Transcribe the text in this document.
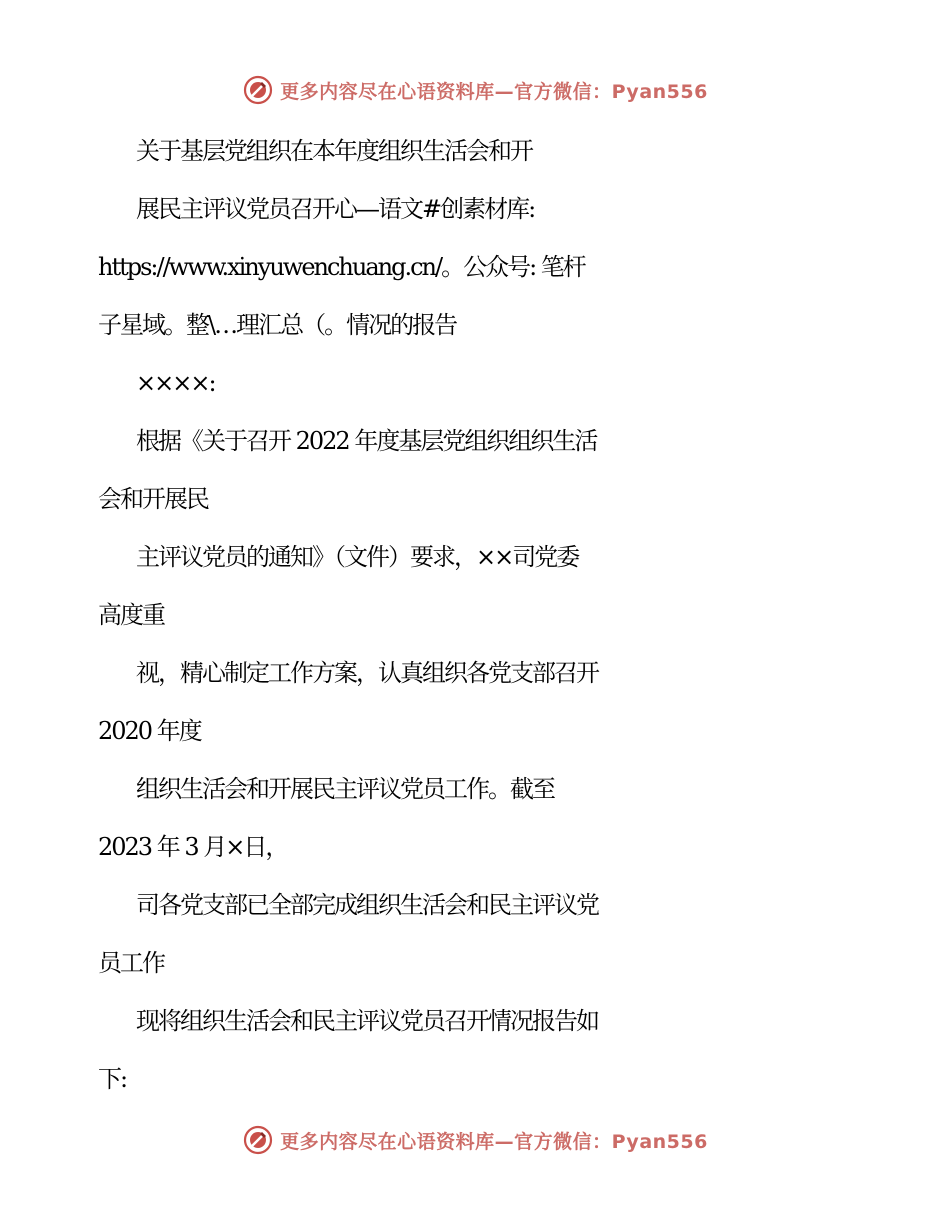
更多内容尽在心语资料库—官方微信：Pyan556
关于基层党组织在本年度组织生活会和开
展民主评议党员召开心—语文#创素材库:
https://www.xinyuwenchuang.cn/。公众号: 笔杆
子星域。整\…理汇总（。情况的报告
××××:
根据《关于召开 2022 年度基层党组织组织生活
会和开展民
主评议党员的通知》（文件）要求，××司党委
高度重
视，精心制定工作方案，认真组织各党支部召开
2020 年度
组织生活会和开展民主评议党员工作。截至
2023 年 3 月×日，
司各党支部已全部完成组织生活会和民主评议党
员工作
现将组织生活会和民主评议党员召开情况报告如
下:
更多内容尽在心语资料库—官方微信：Pyan556
